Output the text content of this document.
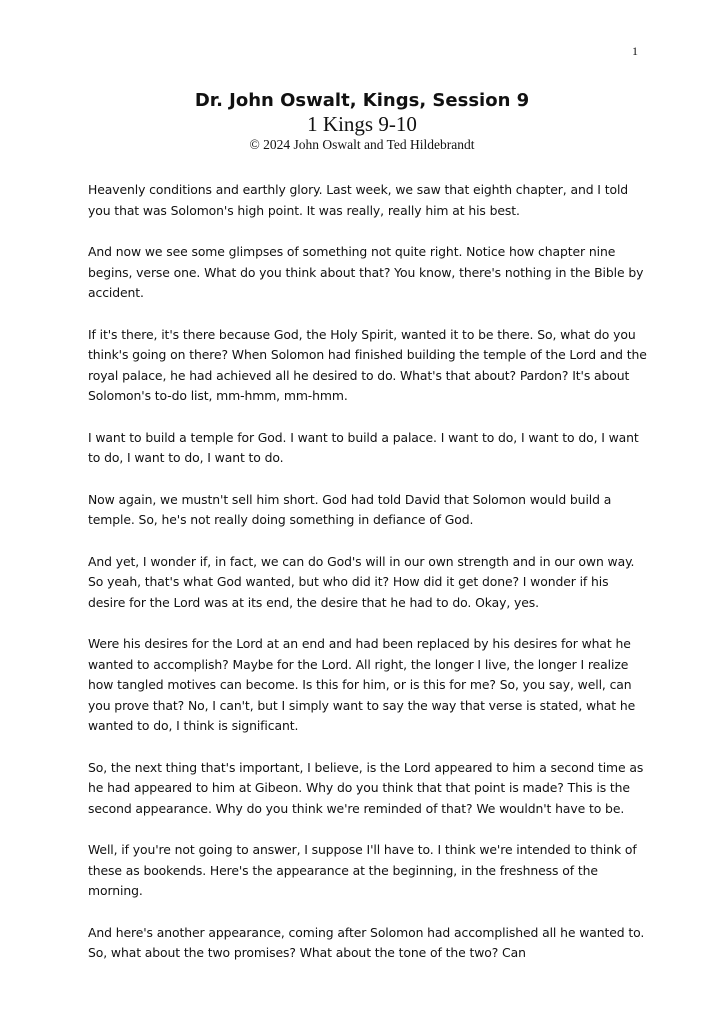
1

Dr. John Oswalt, Kings, Session 9

1 Kings 9-10

© 2024 John Oswalt and Ted Hildebrandt

Heavenly conditions and earthly glory. Last week, we saw that eighth chapter, and I told you that was Solomon's high point. It was really, really him at his best.

And now we see some glimpses of something not quite right. Notice how chapter nine begins, verse one. What do you think about that? You know, there's nothing in the Bible by accident.

If it's there, it's there because God, the Holy Spirit, wanted it to be there. So, what do you think's going on there? When Solomon had finished building the temple of the Lord and the royal palace, he had achieved all he desired to do. What's that about? Pardon? It's about Solomon's to-do list, mm-hmm, mm-hmm.

I want to build a temple for God. I want to build a palace. I want to do, I want to do, I want to do, I want to do, I want to do.

Now again, we mustn't sell him short. God had told David that Solomon would build a temple. So, he's not really doing something in defiance of God.

And yet, I wonder if, in fact, we can do God's will in our own strength and in our own way. So yeah, that's what God wanted, but who did it? How did it get done? I wonder if his desire for the Lord was at its end, the desire that he had to do. Okay, yes.

Were his desires for the Lord at an end and had been replaced by his desires for what he wanted to accomplish? Maybe for the Lord. All right, the longer I live, the longer I realize how tangled motives can become. Is this for him, or is this for me? So, you say, well, can you prove that? No, I can't, but I simply want to say the way that verse is stated, what he wanted to do, I think is significant.

So, the next thing that's important, I believe, is the Lord appeared to him a second time as he had appeared to him at Gibeon. Why do you think that that point is made? This is the second appearance. Why do you think we're reminded of that? We wouldn't have to be.

Well, if you're not going to answer, I suppose I'll have to. I think we're intended to think of these as bookends. Here's the appearance at the beginning, in the freshness of the morning.

And here's another appearance, coming after Solomon had accomplished all he wanted to. So, what about the two promises? What about the tone of the two? Can
